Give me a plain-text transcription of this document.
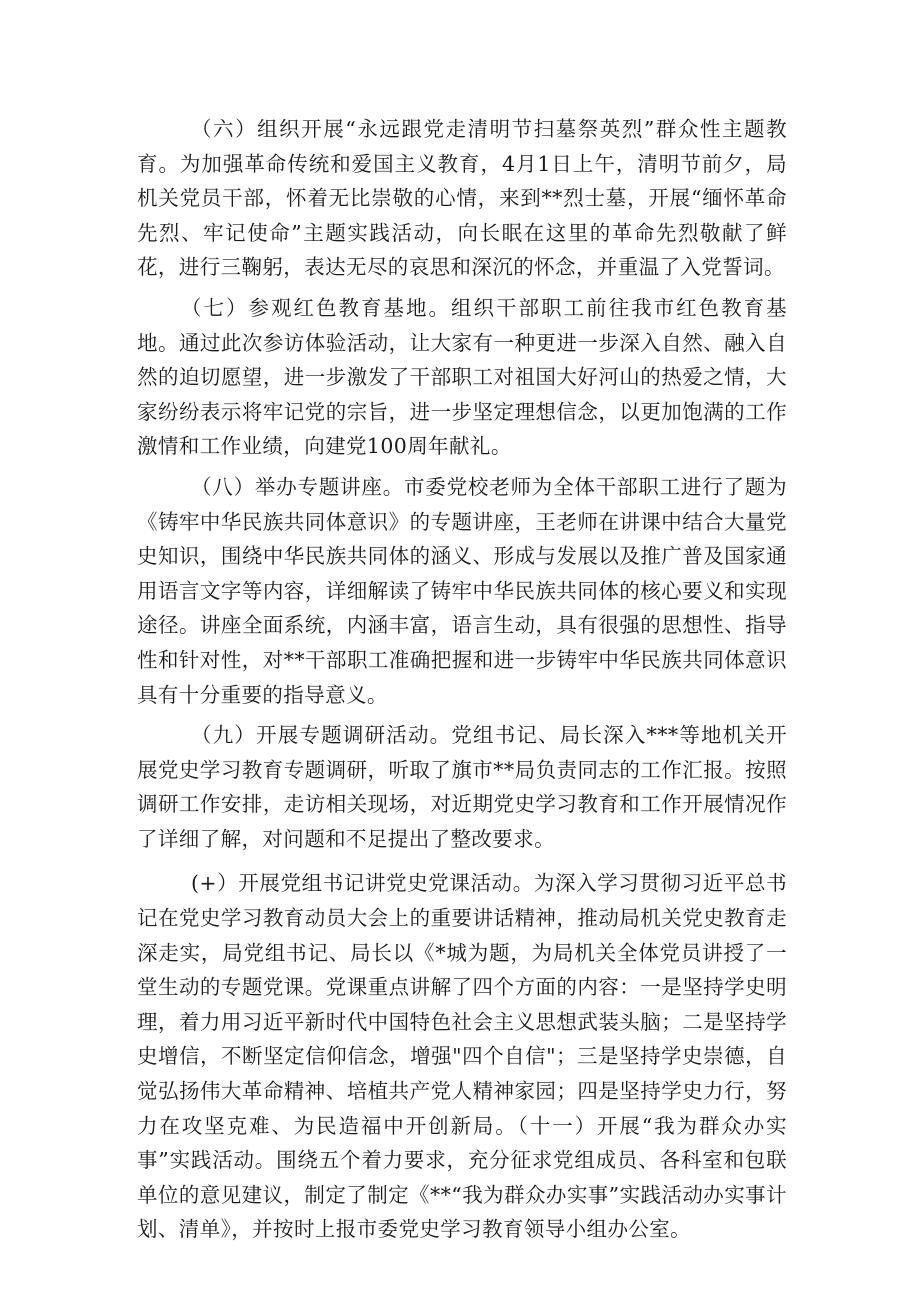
（六）组织开展“永远跟党走清明节扫墓祭英烈”群众性主题教育。为加强革命传统和爱国主义教育，4月1日上午，清明节前夕，局机关党员干部，怀着无比崇敬的心情，来到**烈士墓，开展“缅怀革命先烈、牢记使命”主题实践活动，向长眠在这里的革命先烈敬献了鲜花，进行三鞠躬，表达无尽的哀思和深沉的怀念，并重温了入党誓词。

（七）参观红色教育基地。组织干部职工前往我市红色教育基地。通过此次参访体验活动，让大家有一种更进一步深入自然、融入自然的迫切愿望，进一步激发了干部职工对祖国大好河山的热爱之情，大家纷纷表示将牢记党的宗旨，进一步坚定理想信念，以更加饱满的工作激情和工作业绩，向建党100周年献礼。

（八）举办专题讲座。市委党校老师为全体干部职工进行了题为《铸牢中华民族共同体意识》的专题讲座，王老师在讲课中结合大量党史知识，围绕中华民族共同体的涵义、形成与发展以及推广普及国家通用语言文字等内容，详细解读了铸牢中华民族共同体的核心要义和实现途径。讲座全面系统，内涵丰富，语言生动，具有很强的思想性、指导性和针对性，对**干部职工准确把握和进一步铸牢中华民族共同体意识具有十分重要的指导意义。

（九）开展专题调研活动。党组书记、局长深入***等地机关开展党史学习教育专题调研，听取了旗市**局负责同志的工作汇报。按照调研工作安排，走访相关现场，对近期党史学习教育和工作开展情况作了详细了解，对问题和不足提出了整改要求。

(+）开展党组书记讲党史党课活动。为深入学习贯彻习近平总书记在党史学习教育动员大会上的重要讲话精神，推动局机关党史教育走深走实，局党组书记、局长以《*城为题，为局机关全体党员讲授了一堂生动的专题党课。党课重点讲解了四个方面的内容：一是坚持学史明理，着力用习近平新时代中国特色社会主义思想武装头脑；二是坚持学史增信，不断坚定信仰信念，增强"四个自信"；三是坚持学史崇德，自觉弘扬伟大革命精神、培植共产党人精神家园；四是坚持学史力行，努力在攻坚克难、为民造福中开创新局。（十一）开展“我为群众办实事”实践活动。围绕五个着力要求，充分征求党组成员、各科室和包联单位的意见建议，制定了制定《**“我为群众办实事”实践活动办实事计划、清单》，并按时上报市委党史学习教育领导小组办公室。
